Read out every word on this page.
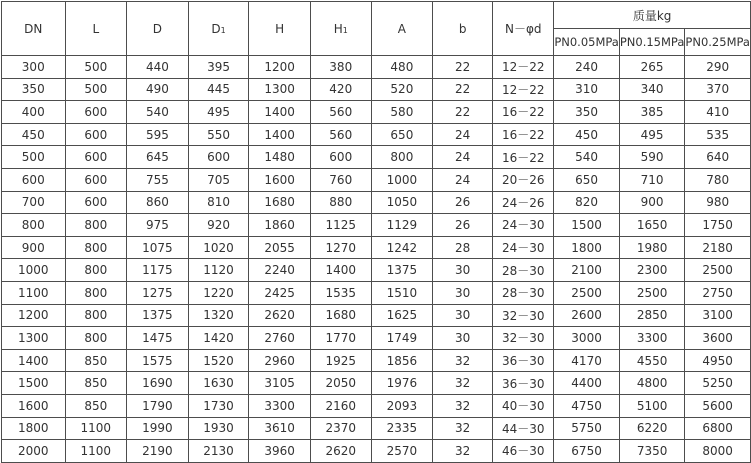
DN	L	D	D1	H	H1	A	b	N－φd	质量kg		
									PN0.05MPa	PN0.15MPa	PN0.25MPa
300	500	440	395	1200	380	480	22	12－22	240	265	290
350	500	490	445	1300	420	520	22	12－22	310	340	370
400	600	540	495	1400	560	580	22	16－22	350	385	410
450	600	595	550	1400	560	650	24	16－22	450	495	535
500	600	645	600	1480	600	800	24	16－22	540	590	640
600	600	755	705	1600	760	1000	24	20－26	650	710	780
700	600	860	810	1680	880	1050	26	24－26	820	900	980
800	800	975	920	1860	1125	1129	26	24－30	1500	1650	1750
900	800	1075	1020	2055	1270	1242	28	24－30	1800	1980	2180
1000	800	1175	1120	2240	1400	1375	30	28－30	2100	2300	2500
1100	800	1275	1220	2425	1535	1510	30	28－30	2500	2500	2750
1200	800	1375	1320	2620	1680	1625	30	32－30	2600	2850	3100
1300	800	1475	1420	2760	1770	1749	30	32－30	3000	3300	3600
1400	850	1575	1520	2960	1925	1856	32	36－30	4170	4550	4950
1500	850	1690	1630	3105	2050	1976	32	36－30	4400	4800	5250
1600	850	1790	1730	3300	2160	2093	32	40－30	4750	5100	5600
1800	1100	1990	1930	3610	2370	2335	32	44－30	5750	6220	6800
2000	1100	2190	2130	3960	2620	2570	32	46－30	6750	7350	8000
